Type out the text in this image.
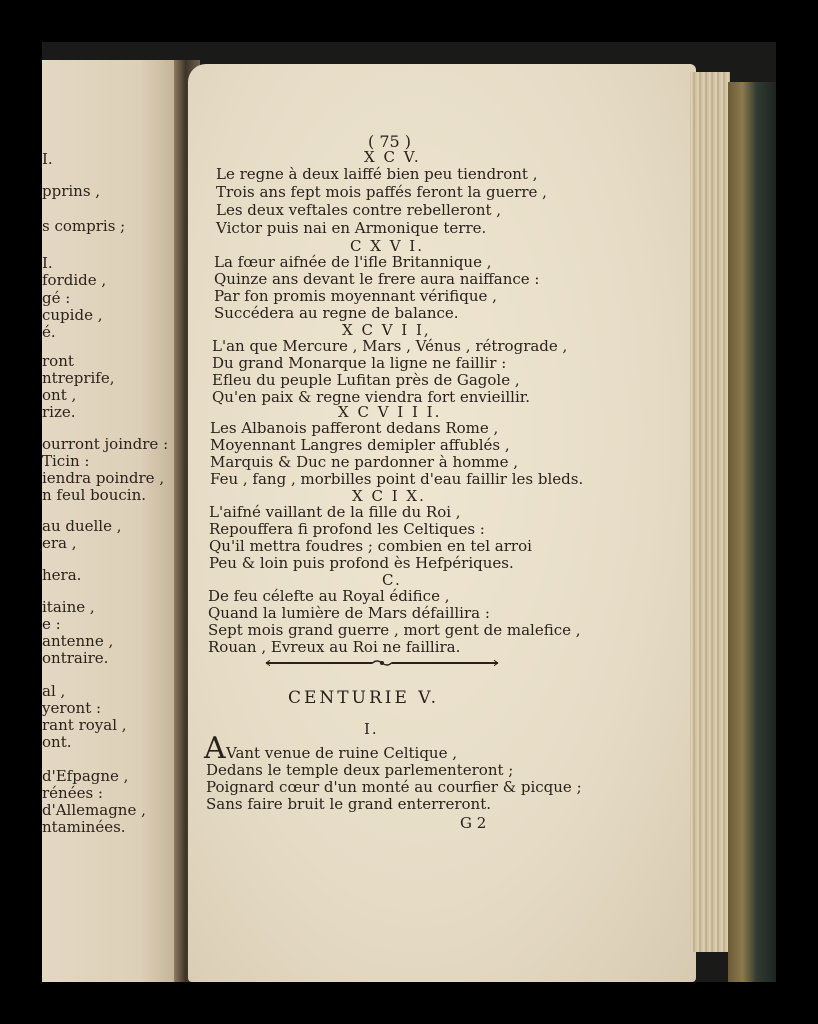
I.
pprins ,
s compris ;
I.
fordide ,
gé :
cupide ,
é.
ront
ntreprife,
ont ,
rize.
ourront joindre :
Ticin :
iendra poindre ,
n feul boucin.
au duelle ,
era ,
hera.
itaine ,
e :
antenne ,
ontraire.
al ,
yeront :
rant royal ,
ont.
d'Efpagne ,
rénées :
d'Allemagne ,
ntaminées.
( 75 )
X C V.
Le regne à deux laiffé bien peu tiendront ,
Trois ans fept mois paffés feront la guerre ,
Les deux veftales contre rebelleront ,
Victor puis nai en Armonique terre.
C X V I.
La fœur aifnée de l'ifle Britannique ,
Quinze ans devant le frere aura naiffance :
Par fon promis moyennant vérifique ,
Succédera au regne de balance.
X C V I I,
L'an que Mercure , Mars , Vénus , rétrograde ,
Du grand Monarque la ligne ne faillir :
Efleu du peuple Lufitan près de Gagole ,
Qu'en paix & regne viendra fort envieillir.
X C V I I I.
Les Albanois pafferont dedans Rome ,
Moyennant Langres demipler affublés ,
Marquis & Duc ne pardonner à homme ,
Feu , fang , morbilles point d'eau faillir les bleds.
X C I X.
L'aifné vaillant de la fille du Roi ,
Repouffera fi profond les Celtiques :
Qu'il mettra foudres ; combien en tel arroi
Peu & loin puis profond ès Hefpériques.
C.
De feu célefte au Royal édifice ,
Quand la lumière de Mars défaillira :
Sept mois grand guerre , mort gent de malefice ,
Rouan , Evreux au Roi ne faillira.
CENTURIE V.
I.
A Vant venue de ruine Celtique ,
Dedans le temple deux parlementeront ;
Poignard cœur d'un monté au courfier & picque ;
Sans faire bruit le grand enterreront.
G 2
